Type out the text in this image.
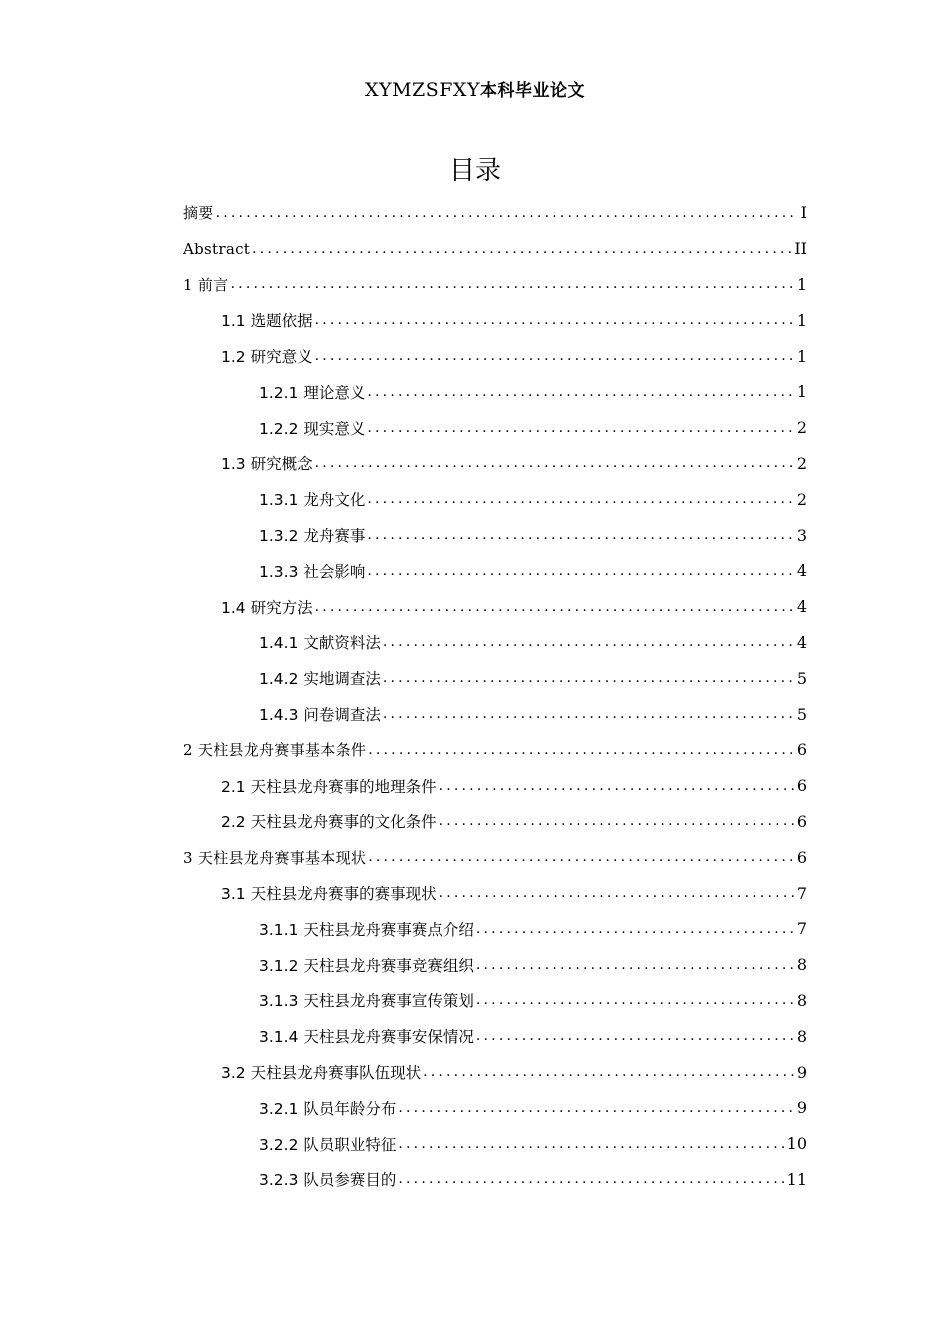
XYMZSFXY本科毕业论文
目录
摘要 .....	I
Abstract .....	II
1 前言 .....	1
1.1 选题依据 .....	1
1.2 研究意义 .....	1
1.2.1 理论意义 .....	1
1.2.2 现实意义 .....	2
1.3 研究概念 .....	2
1.3.1 龙舟文化 .....	2
1.3.2 龙舟赛事 .....	3
1.3.3 社会影响 .....	4
1.4 研究方法 .....	4
1.4.1 文献资料法 .....	4
1.4.2 实地调查法 .....	5
1.4.3 问卷调查法 .....	5
2 天柱县龙舟赛事基本条件 .....	6
2.1 天柱县龙舟赛事的地理条件 .....	6
2.2 天柱县龙舟赛事的文化条件 .....	6
3 天柱县龙舟赛事基本现状 .....	6
3.1 天柱县龙舟赛事的赛事现状 .....	7
3.1.1 天柱县龙舟赛事赛点介绍 .....	7
3.1.2 天柱县龙舟赛事竞赛组织 .....	8
3.1.3 天柱县龙舟赛事宣传策划 .....	8
3.1.4 天柱县龙舟赛事安保情况 .....	8
3.2 天柱县龙舟赛事队伍现状 .....	9
3.2.1 队员年龄分布 .....	9
3.2.2 队员职业特征 .....	10
3.2.3 队员参赛目的 .....	11
